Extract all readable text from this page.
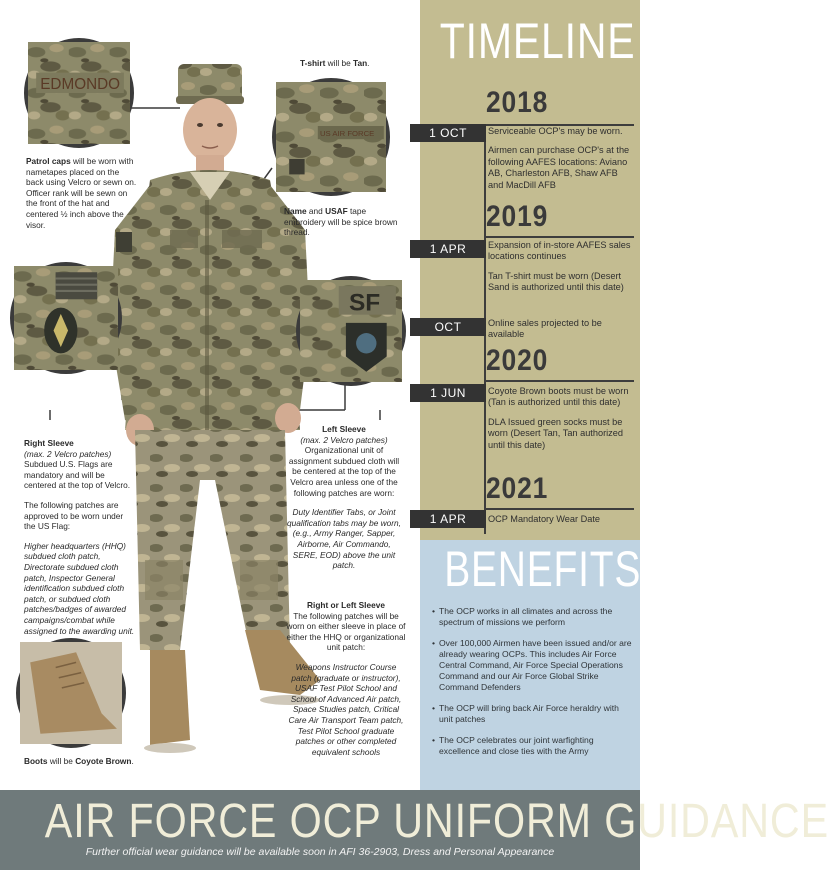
EDMONDO
US AIR FORCE
SF
T-shirt will be Tan.
Patrol caps will be worn with nametapes placed on the back using Velcro or sewn on. Officer rank will be sewn on the front of the hat and centered ½ inch above the visor.
Name and USAF tape embroidery will be spice brown thread.
Right Sleeve
(max. 2 Velcro patches)

Subdued U.S. Flags are mandatory and will be centered at the top of Velcro.

The following patches are approved to be worn under the US Flag:

Higher headquarters (HHQ) subdued cloth patch, Directorate subdued cloth patch, Inspector General identification subdued cloth patch, or subdued cloth patches/badges of awarded campaigns/combat while assigned to the awarding unit.

Left Sleeve
(max. 2 Velcro patches)

Organizational unit of assignment subdued cloth will be centered at the top of the Velcro area unless one of the following patches are worn:

Duty Identifier Tabs, or Joint qualification tabs may be worn, (e.g., Army Ranger, Sapper, Airborne, Air Commando, SERE, EOD) above the unit patch.

Right or Left Sleeve

The following patches will be worn on either sleeve in place of either the HHQ or organizational unit patch:

Weapons Instructor Course patch (graduate or instructor), USAF Test Pilot School and School of Advanced Air patch, Space Studies patch, Critical Care Air Transport Team patch, Test Pilot School graduate patches or other completed equivalent schools

Boots will be Coyote Brown.
TIMELINE
2018
2019
2020
2021
1 OCT	Serviceable OCP's may be worn.

Airmen can purchase OCP's at the following AAFES locations: Aviano AB, Charleston AFB, Shaw AFB and MacDill AFB

1 APR	Expansion of in-store AAFES sales locations continues

Tan T-shirt must be worn (Desert Sand is authorized until this date)

OCT	Online sales projected to be available

1 JUN	Coyote Brown boots must be worn (Tan is authorized until this date)

DLA Issued green socks must be worn (Desert Tan, Tan authorized until this date)

1 APR	OCP Mandatory Wear Date

BENEFITS
• The OCP works in all climates and across the spectrum of missions we perform
• Over 100,000 Airmen have been issued and/or are already wearing OCPs. This includes Air Force Central Command, Air Force Special Operations Command and our Air Force Global Strike Command Defenders
• The OCP will bring back Air Force heraldry with unit patches
• The OCP celebrates our joint warfighting excellence and close ties with the Army
AIR FORCE OCP UNIFORM GUIDANCE
Further official wear guidance will be available soon in AFI 36-2903, Dress and Personal Appearance
